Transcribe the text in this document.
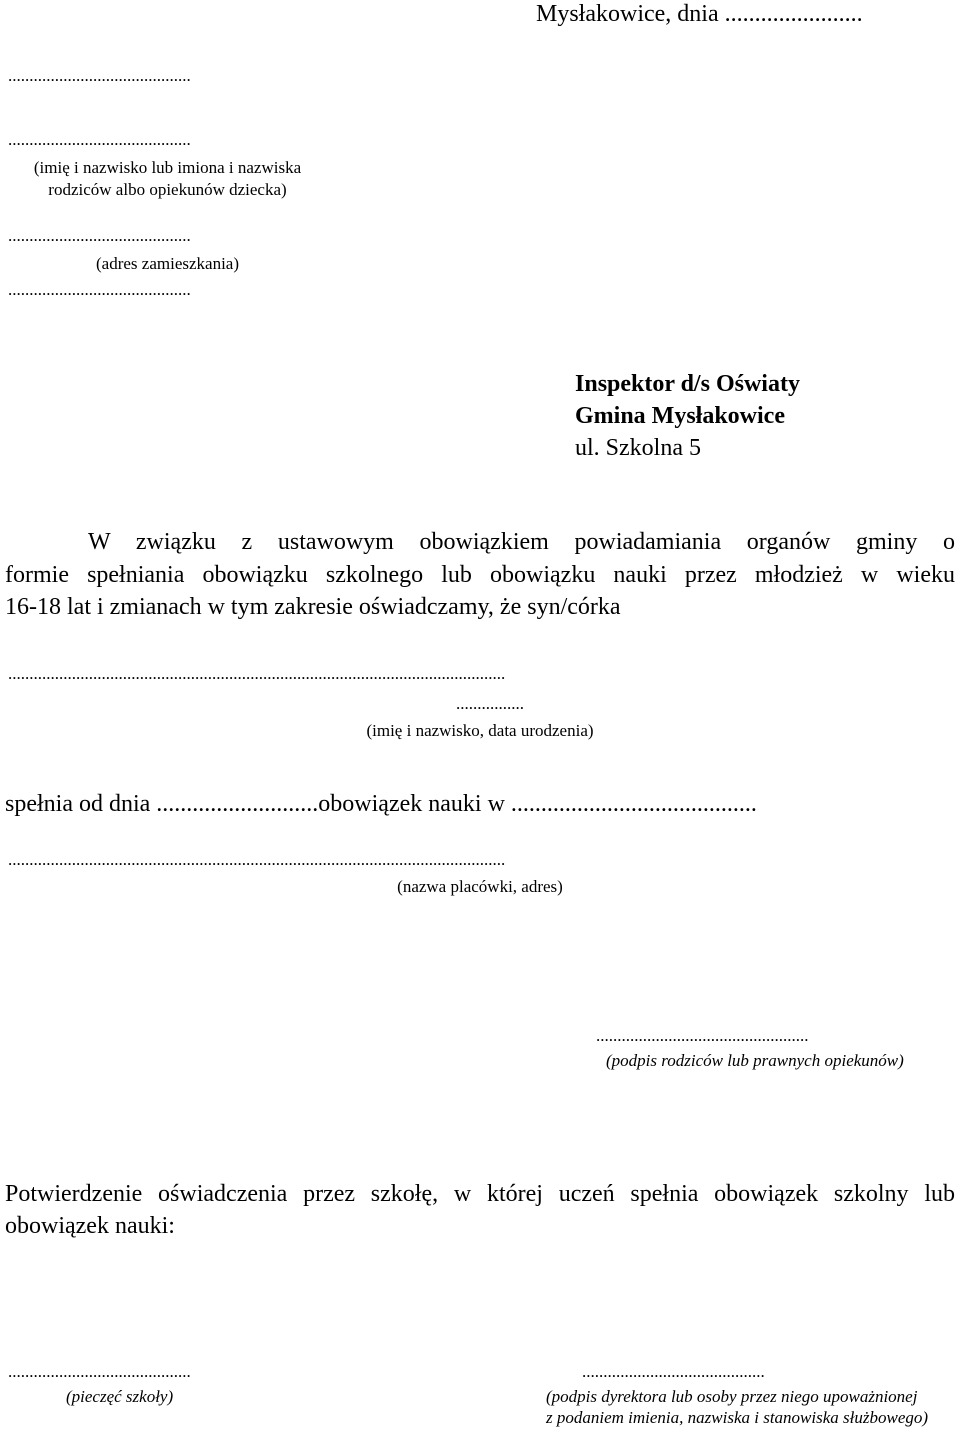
Mysłakowice, dnia .......................
...........................................
...........................................
(imię i nazwisko lub imiona i nazwiska
rodziców albo opiekunów dziecka)
...........................................
(adres zamieszkania)
...........................................
Inspektor d/s Oświaty
Gmina Mysłakowice
ul. Szkolna 5
W związku z ustawowym obowiązkiem powiadamiania organów gminy o
formie spełniania obowiązku szkolnego lub obowiązku nauki przez młodzież w wieku
16-18 lat i zmianach w tym zakresie oświadczamy, że syn/córka
.....................................................................................................................
................
(imię i nazwisko, data urodzenia)
spełnia od dnia ...........................obowiązek nauki w .........................................
.....................................................................................................................
(nazwa placówki, adres)
..................................................
(podpis rodziców lub prawnych opiekunów)
Potwierdzenie oświadczenia przez szkołę, w której uczeń spełnia obowiązek szkolny lub
obowiązek nauki:
...........................................
(pieczęć szkoły)
...........................................
(podpis dyrektora lub osoby przez niego upoważnionej
z podaniem imienia, nazwiska i stanowiska służbowego)
